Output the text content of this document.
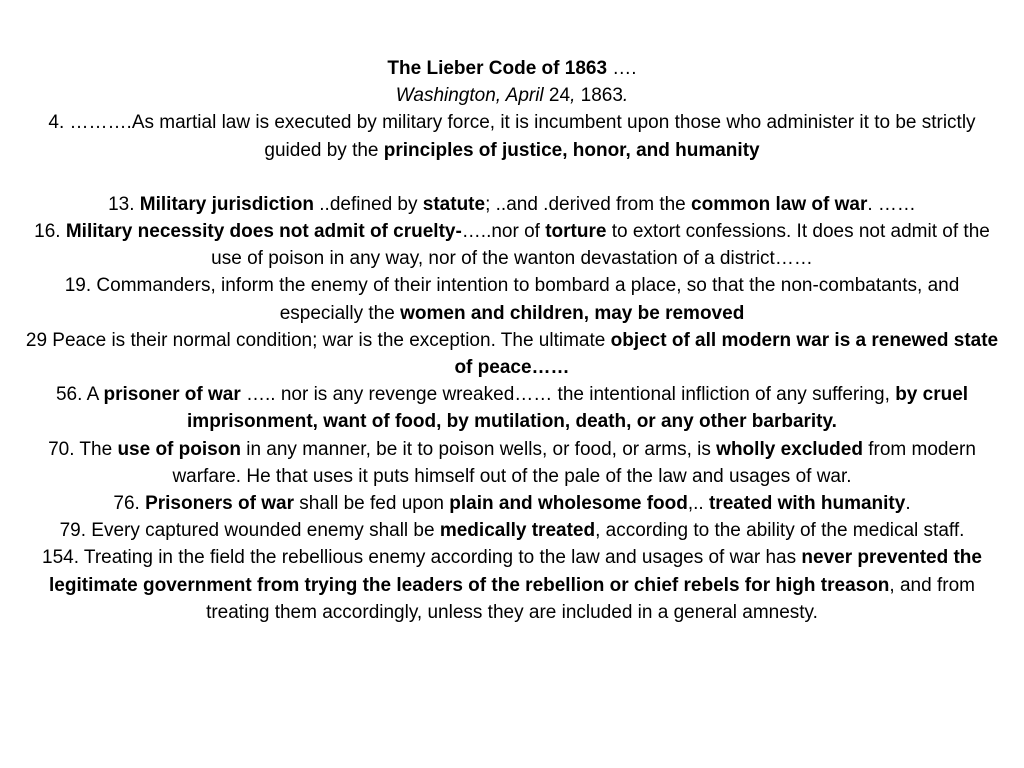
The Lieber Code of 1863 ….

Washington, April 24, 1863.

4. ……….As martial law is executed by military force, it is incumbent upon those who administer it to be strictly guided by the principles of justice, honor, and humanity

13. Military jurisdiction ..defined by statute; ..and .derived from the common law of war. ……

16. Military necessity does not admit of cruelty-…..nor of torture to extort confessions. It does not admit of the use of poison in any way, nor of the wanton devastation of a district……

19. Commanders, inform the enemy of their intention to bombard a place, so that the non-combatants, and especially the women and children, may be removed

29 Peace is their normal condition; war is the exception. The ultimate object of all modern war is a renewed state of peace……

56. A prisoner of war ….. nor is any revenge wreaked…… the intentional infliction of any suffering, by cruel imprisonment, want of food, by mutilation, death, or any other barbarity.

70. The use of poison in any manner, be it to poison wells, or food, or arms, is wholly excluded from modern warfare. He that uses it puts himself out of the pale of the law and usages of war.

76. Prisoners of war shall be fed upon plain and wholesome food,.. treated with humanity.

79. Every captured wounded enemy shall be medically treated, according to the ability of the medical staff.

154. Treating in the field the rebellious enemy according to the law and usages of war has never prevented the legitimate government from trying the leaders of the rebellion or chief rebels for high treason, and from treating them accordingly, unless they are included in a general amnesty.
